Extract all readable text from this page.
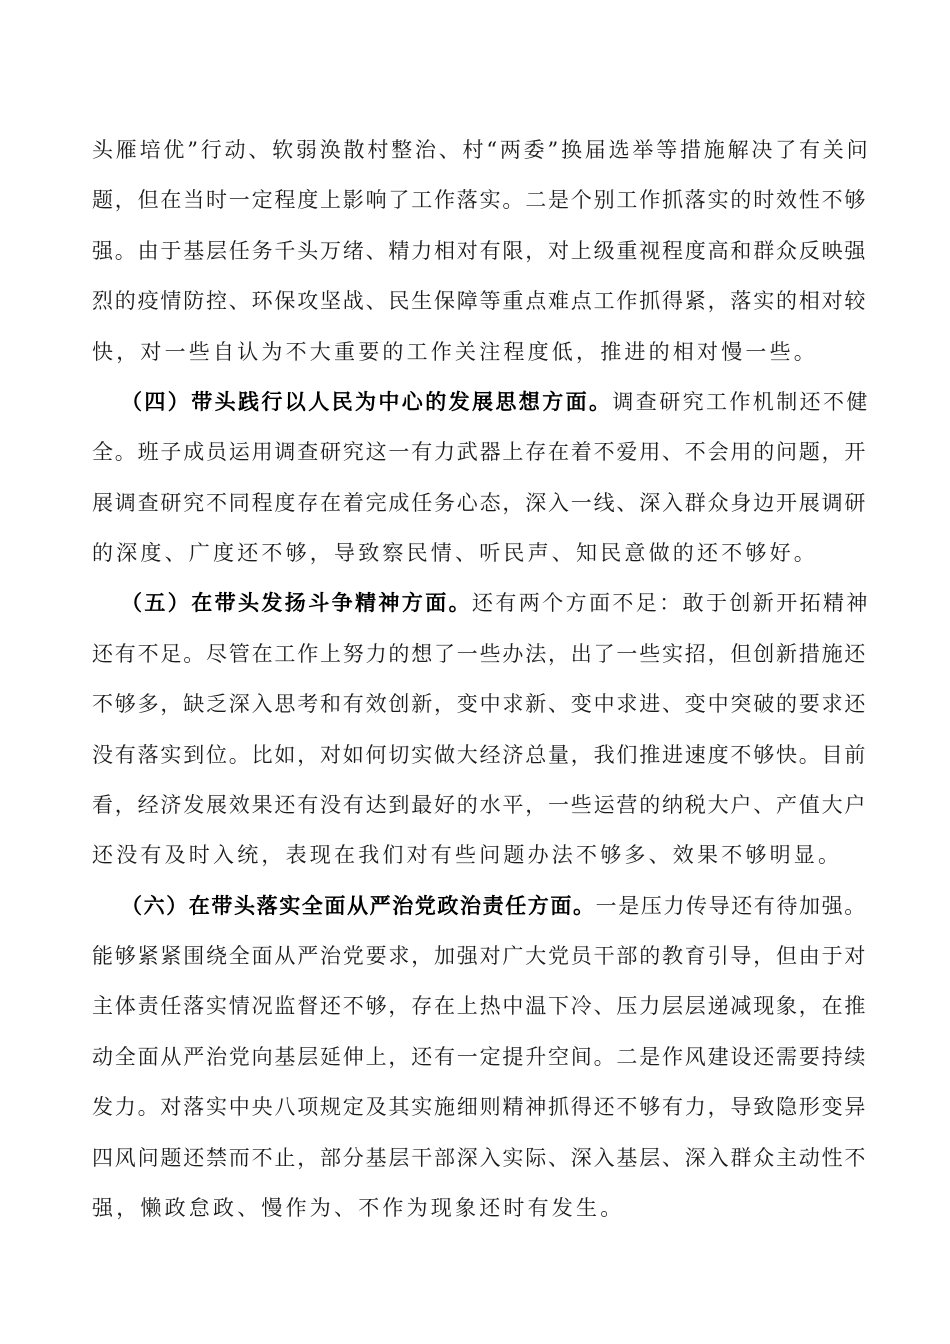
头雁培优”行动、软弱涣散村整治、村“两委”换届选举等措施解决了有关问
题，但在当时一定程度上影响了工作落实。二是个别工作抓落实的时效性不够
强。由于基层任务千头万绪、精力相对有限，对上级重视程度高和群众反映强
烈的疫情防控、环保攻坚战、民生保障等重点难点工作抓得紧，落实的相对较
快，对一些自认为不大重要的工作关注程度低，推进的相对慢一些。
（四）带头践行以人民为中心的发展思想方面。调查研究工作机制还不健
全。班子成员运用调查研究这一有力武器上存在着不爱用、不会用的问题，开
展调查研究不同程度存在着完成任务心态，深入一线、深入群众身边开展调研
的深度、广度还不够，导致察民情、听民声、知民意做的还不够好。
（五）在带头发扬斗争精神方面。还有两个方面不足：敢于创新开拓精神
还有不足。尽管在工作上努力的想了一些办法，出了一些实招，但创新措施还
不够多，缺乏深入思考和有效创新，变中求新、变中求进、变中突破的要求还
没有落实到位。比如，对如何切实做大经济总量，我们推进速度不够快。目前
看，经济发展效果还有没有达到最好的水平，一些运营的纳税大户、产值大户
还没有及时入统，表现在我们对有些问题办法不够多、效果不够明显。
（六）在带头落实全面从严治党政治责任方面。一是压力传导还有待加强。
能够紧紧围绕全面从严治党要求，加强对广大党员干部的教育引导，但由于对
主体责任落实情况监督还不够，存在上热中温下冷、压力层层递减现象，在推
动全面从严治党向基层延伸上，还有一定提升空间。二是作风建设还需要持续
发力。对落实中央八项规定及其实施细则精神抓得还不够有力，导致隐形变异
四风问题还禁而不止，部分基层干部深入实际、深入基层、深入群众主动性不
强，懒政怠政、慢作为、不作为现象还时有发生。
